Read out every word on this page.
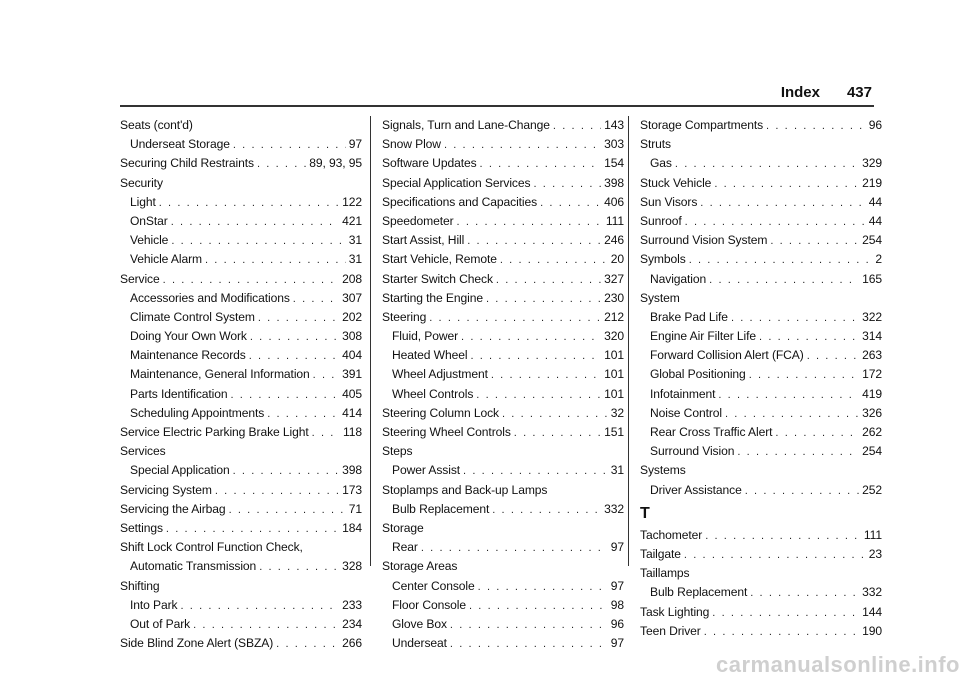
Index 437
Seats (cont'd)
Underseat Storage . . .	97
Securing Child Restraints . . .	89, 93, 95
Security
Light . . .	122
OnStar . . .	421
Vehicle . . .	31
Vehicle Alarm . . .	31
Service . . .	208
Accessories and Modifications . . .	307
Climate Control System . . .	202
Doing Your Own Work . . .	308
Maintenance Records . . .	404
Maintenance, General Information . . .	391
Parts Identification . . .	405
Scheduling Appointments . . .	414
Service Electric Parking Brake Light . . .	118
Services
Special Application . . .	398
Servicing System . . .	173
Servicing the Airbag . . .	71
Settings . . .	184
Shift Lock Control Function Check,
Automatic Transmission . . .	328
Shifting
Into Park . . .	233
Out of Park . . .	234
Side Blind Zone Alert (SBZA) . . .	266
Signals, Turn and Lane-Change . . .	143
Snow Plow . . .	303
Software Updates . . .	154
Special Application Services . . .	398
Specifications and Capacities . . .	406
Speedometer . . .	111
Start Assist, Hill . . .	246
Start Vehicle, Remote . . .	20
Starter Switch Check . . .	327
Starting the Engine . . .	230
Steering . . .	212
Fluid, Power . . .	320
Heated Wheel . . .	101
Wheel Adjustment . . .	101
Wheel Controls . . .	101
Steering Column Lock . . .	32
Steering Wheel Controls . . .	151
Steps
Power Assist . . .	31
Stoplamps and Back-up Lamps
Bulb Replacement . . .	332
Storage
Rear . . .	97
Storage Areas
Center Console . . .	97
Floor Console . . .	98
Glove Box . . .	96
Underseat . . .	97
Storage Compartments . . .	96
Struts
Gas . . .	329
Stuck Vehicle . . .	219
Sun Visors . . .	44
Sunroof . . .	44
Surround Vision System . . .	254
Symbols . . .	2
Navigation . . .	165
System
Brake Pad Life . . .	322
Engine Air Filter Life . . .	314
Forward Collision Alert (FCA) . . .	263
Global Positioning . . .	172
Infotainment . . .	419
Noise Control . . .	326
Rear Cross Traffic Alert . . .	262
Surround Vision . . .	254
Systems
Driver Assistance . . .	252
T
Tachometer . . .	111
Tailgate . . .	23
Taillamps
Bulb Replacement . . .	332
Task Lighting . . .	144
Teen Driver . . .	190
carmanualsonline.info
